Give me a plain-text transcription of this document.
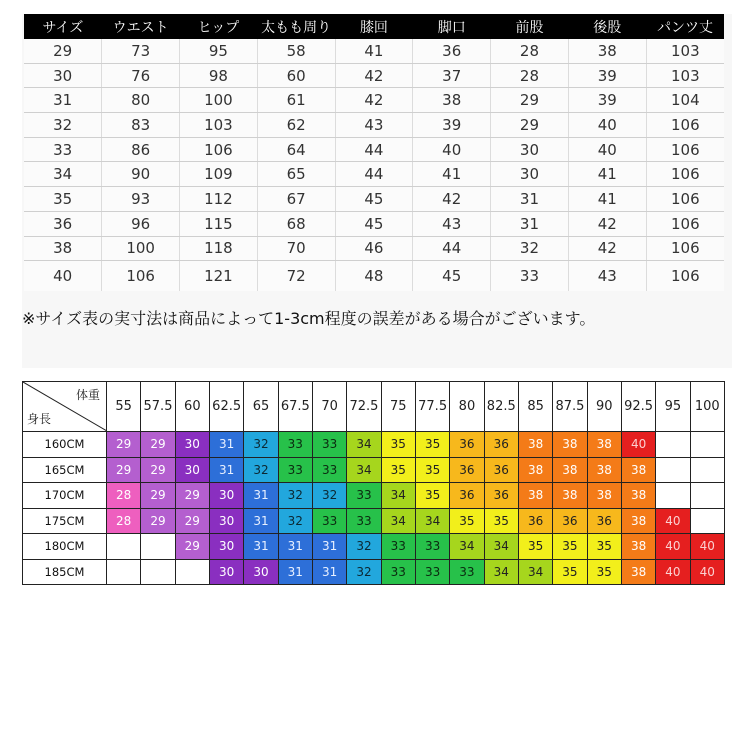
サイズ	ウエスト	ヒップ	太もも周り	膝回	脚口	前股	後股	パンツ丈
29	73	95	58	41	36	28	38	103
30	76	98	60	42	37	28	39	103
31	80	100	61	42	38	29	39	104
32	83	103	62	43	39	29	40	106
33	86	106	64	44	40	30	40	106
34	90	109	65	44	41	30	41	106
35	93	112	67	45	42	31	41	106
36	96	115	68	45	43	31	42	106
38	100	118	70	46	44	32	42	106
40	106	121	72	48	45	33	43	106
※サイズ表の実寸法は商品によって1-3cm程度の誤差がある場合がございます。
体重
身長	55	57.5	60	62.5	65	67.5	70	72.5	75	77.5	80	82.5	85	87.5	90	92.5	95	100
160CM	29	29	30	31	32	33	33	34	35	35	36	36	38	38	38	40		

165CM	29	29	30	31	32	33	33	34	35	35	36	36	38	38	38	38		

170CM	28	29	29	30	31	32	32	33	34	35	36	36	38	38	38	38		

175CM	28	29	29	30	31	32	33	33	34	34	35	35	36	36	36	38	40	

180CM			29	30	31	31	31	32	33	33	34	34	35	35	35	38	40	40

185CM				30	30	31	31	32	33	33	33	34	34	35	35	38	40	40
